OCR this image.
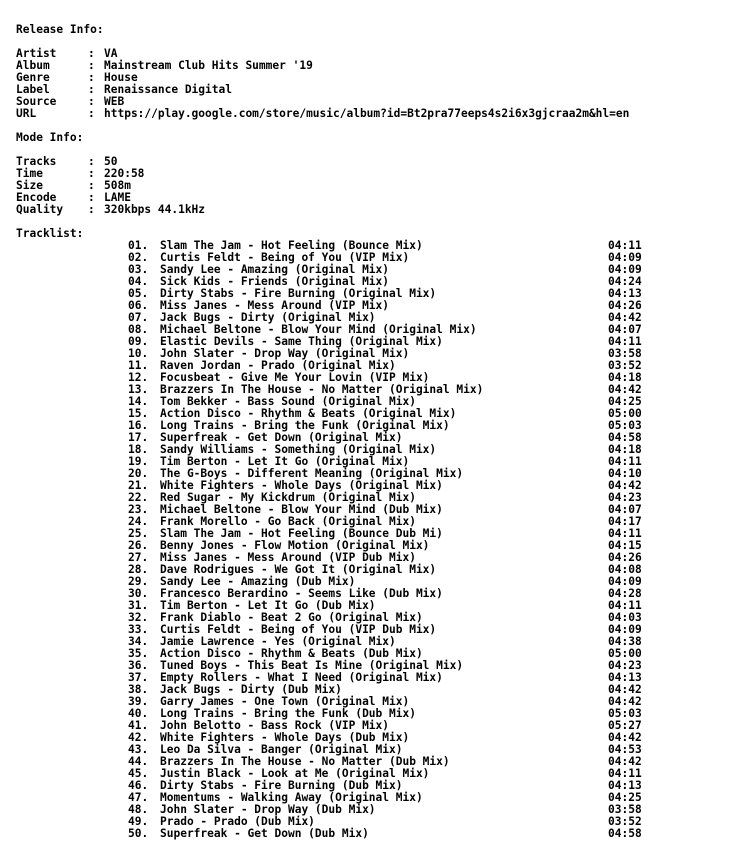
Release Info:
Artist	: VA
Album	: Mainstream Club Hits Summer '19
Genre	: House
Label	: Renaissance Digital
Source	: WEB
URL	: https://play.google.com/store/music/album?id=Bt2pra77eeps4s2i6x3gjcraa2m&hl=en
Mode Info:
Tracks	: 50
Time	: 220:58
Size	: 508m
Encode	: LAME
Quality : 320kbps 44.1kHz
Tracklist:
01. Slam The Jam - Hot Feeling (Bounce Mix)	04:11
02. Curtis Feldt - Being of You (VIP Mix)	04:09
03. Sandy Lee - Amazing (Original Mix)	04:09
04. Sick Kids - Friends (Original Mix)	04:24
05. Dirty Stabs - Fire Burning (Original Mix)	04:13
06. Miss Janes - Mess Around (VIP Mix)	04:26
07. Jack Bugs - Dirty (Original Mix)	04:42
08. Michael Beltone - Blow Your Mind (Original Mix)	04:07
09. Elastic Devils - Same Thing (Original Mix)	04:11
10. John Slater - Drop Way (Original Mix)	03:58
11. Raven Jordan - Prado (Original Mix)	03:52
12. Focusbeat - Give Me Your Lovin (VIP Mix)	04:18
13. Brazzers In The House - No Matter (Original Mix)	04:42
14. Tom Bekker - Bass Sound (Original Mix)	04:25
15. Action Disco - Rhythm & Beats (Original Mix)	05:00
16. Long Trains - Bring the Funk (Original Mix)	05:03
17. Superfreak - Get Down (Original Mix)	04:58
18. Sandy Williams - Something (Original Mix)	04:18
19. Tim Berton - Let It Go (Original Mix)	04:11
20. The G-Boys - Different Meaning (Original Mix)	04:10
21. White Fighters - Whole Days (Original Mix)	04:42
22. Red Sugar - My Kickdrum (Original Mix)	04:23
23. Michael Beltone - Blow Your Mind (Dub Mix)	04:07
24. Frank Morello - Go Back (Original Mix)	04:17
25. Slam The Jam - Hot Feeling (Bounce Dub Mi)	04:11
26. Benny Jones - Flow Motion (Original Mix)	04:15
27. Miss Janes - Mess Around (VIP Dub Mix)	04:26
28. Dave Rodrigues - We Got It (Original Mix)	04:08
29. Sandy Lee - Amazing (Dub Mix)	04:09
30. Francesco Berardino - Seems Like (Dub Mix)	04:28
31. Tim Berton - Let It Go (Dub Mix)	04:11
32. Frank Diablo - Beat 2 Go (Original Mix)	04:03
33. Curtis Feldt - Being of You (VIP Dub Mix)	04:09
34. Jamie Lawrence - Yes (Original Mix)	04:38
35. Action Disco - Rhythm & Beats (Dub Mix)	05:00
36. Tuned Boys - This Beat Is Mine (Original Mix)	04:23
37. Empty Rollers - What I Need (Original Mix)	04:13
38. Jack Bugs - Dirty (Dub Mix)	04:42
39. Garry James - One Town (Original Mix)	04:42
40. Long Trains - Bring the Funk (Dub Mix)	05:03
41. John Belotto - Bass Rock (VIP Mix)	05:27
42. White Fighters - Whole Days (Dub Mix)	04:42
43. Leo Da Silva - Banger (Original Mix)	04:53
44. Brazzers In The House - No Matter (Dub Mix)	04:42
45. Justin Black - Look at Me (Original Mix)	04:11
46. Dirty Stabs - Fire Burning (Dub Mix)	04:13
47. Momentums - Walking Away (Original Mix)	04:25
48. John Slater - Drop Way (Dub Mix)	03:58
49. Prado - Prado (Dub Mix)	03:52
50. Superfreak - Get Down (Dub Mix)	04:58
